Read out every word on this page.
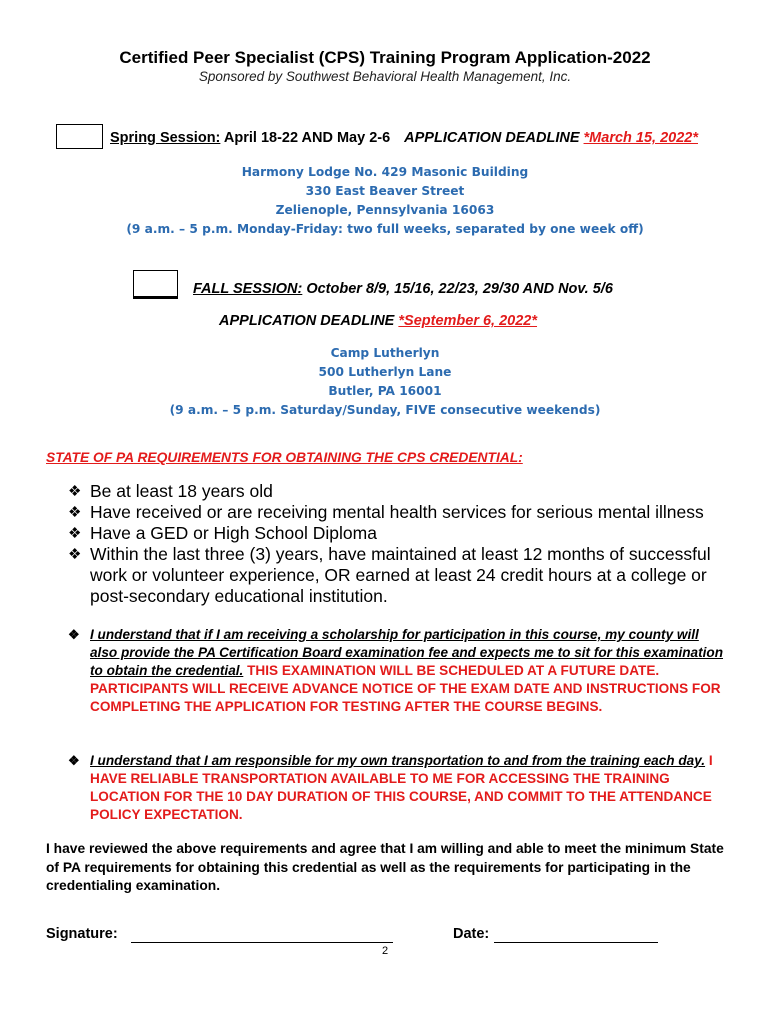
Certified Peer Specialist (CPS) Training Program Application-2022
Sponsored by Southwest Behavioral Health Management, Inc.
Spring Session: April 18-22 AND May 2-6 APPLICATION DEADLINE *March 15, 2022*
Harmony Lodge No. 429 Masonic Building
330 East Beaver Street
Zelienople, Pennsylvania 16063
(9 a.m. – 5 p.m. Monday-Friday: two full weeks, separated by one week off)
FALL SESSION: October 8/9, 15/16, 22/23, 29/30 AND Nov. 5/6
APPLICATION DEADLINE *September 6, 2022*
Camp Lutherlyn
500 Lutherlyn Lane
Butler, PA 16001
(9 a.m. – 5 p.m. Saturday/Sunday, FIVE consecutive weekends)
STATE OF PA REQUIREMENTS FOR OBTAINING THE CPS CREDENTIAL:
❖ Be at least 18 years old
❖ Have received or are receiving mental health services for serious mental illness
❖ Have a GED or High School Diploma
❖ Within the last three (3) years, have maintained at least 12 months of successful work or volunteer experience, OR earned at least 24 credit hours at a college or post-secondary educational institution.
❖ I understand that if I am receiving a scholarship for participation in this course, my county will also provide the PA Certification Board examination fee and expects me to sit for this examination to obtain the credential. THIS EXAMINATION WILL BE SCHEDULED AT A FUTURE DATE. PARTICIPANTS WILL RECEIVE ADVANCE NOTICE OF THE EXAM DATE AND INSTRUCTIONS FOR COMPLETING THE APPLICATION FOR TESTING AFTER THE COURSE BEGINS.
❖ I understand that I am responsible for my own transportation to and from the training each day. I HAVE RELIABLE TRANSPORTATION AVAILABLE TO ME FOR ACCESSING THE TRAINING LOCATION FOR THE 10 DAY DURATION OF THIS COURSE, AND COMMIT TO THE ATTENDANCE POLICY EXPECTATION.
I have reviewed the above requirements and agree that I am willing and able to meet the minimum State of PA requirements for obtaining this credential as well as the requirements for participating in the credentialing examination.
Signature:	Date:
2
